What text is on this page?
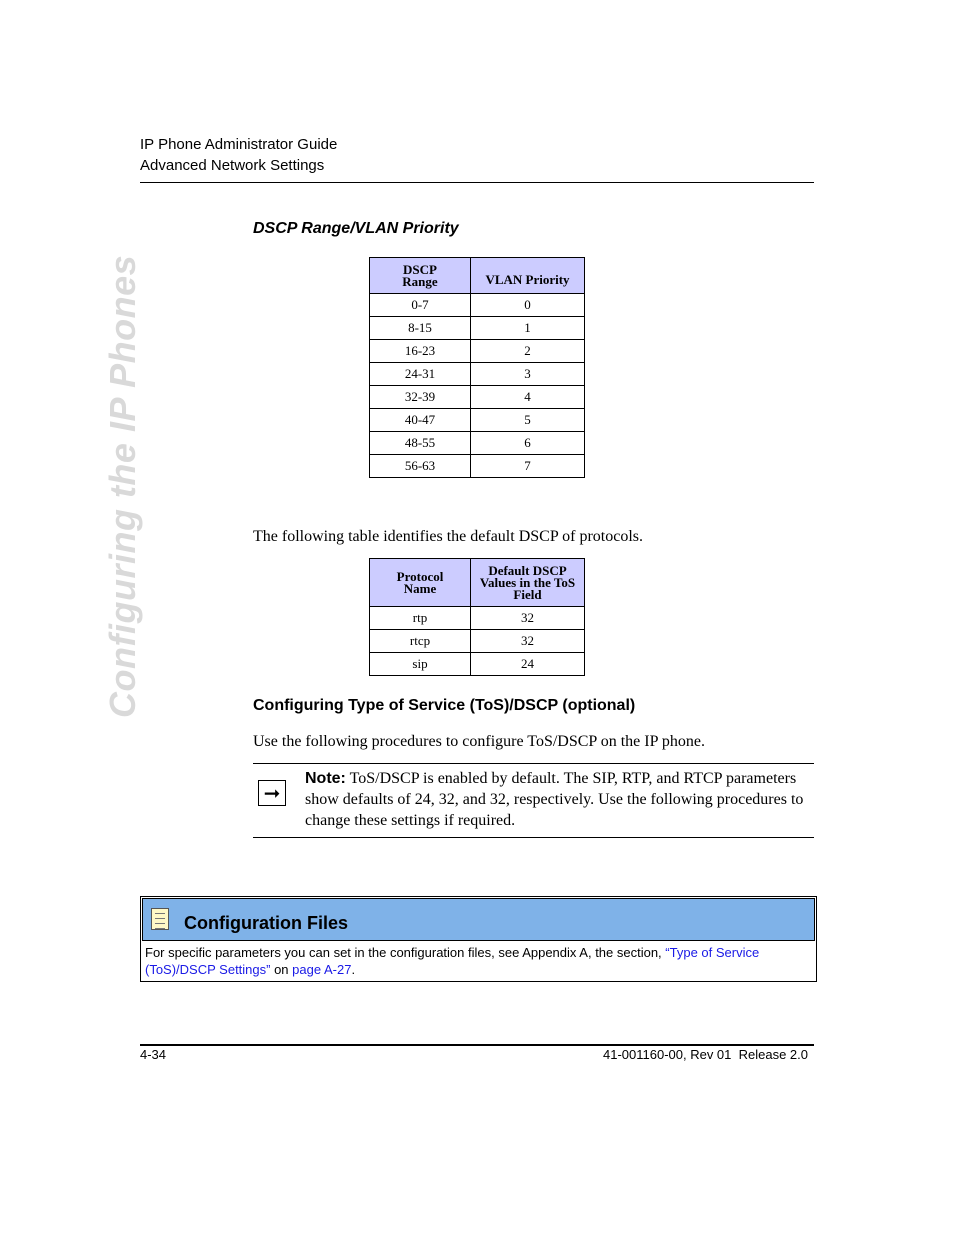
IP Phone Administrator Guide
Advanced Network Settings
Configuring the IP Phones
DSCP Range/VLAN Priority
DSCP Range	VLAN Priority
0-7	0
8-15	1
16-23	2
24-31	3
32-39	4
40-47	5
48-55	6
56-63	7
The following table identifies the default DSCP of protocols.
Protocol Name	Default DSCP Values in the ToS Field
rtp	32
rtcp	32
sip	24
Configuring Type of Service (ToS)/DSCP (optional)
Use the following procedures to configure ToS/DSCP on the IP phone.
➞
Note: ToS/DSCP is enabled by default. The SIP, RTP, and RTCP parameters show defaults of 24, 32, and 32, respectively. Use the following procedures to change these settings if required.
Configuration Files
For specific parameters you can set in the configuration files, see Appendix A, the section, “Type of Service (ToS)/DSCP Settings” on page A-27.
4-34	41-001160-00, Rev 01  Release 2.0
